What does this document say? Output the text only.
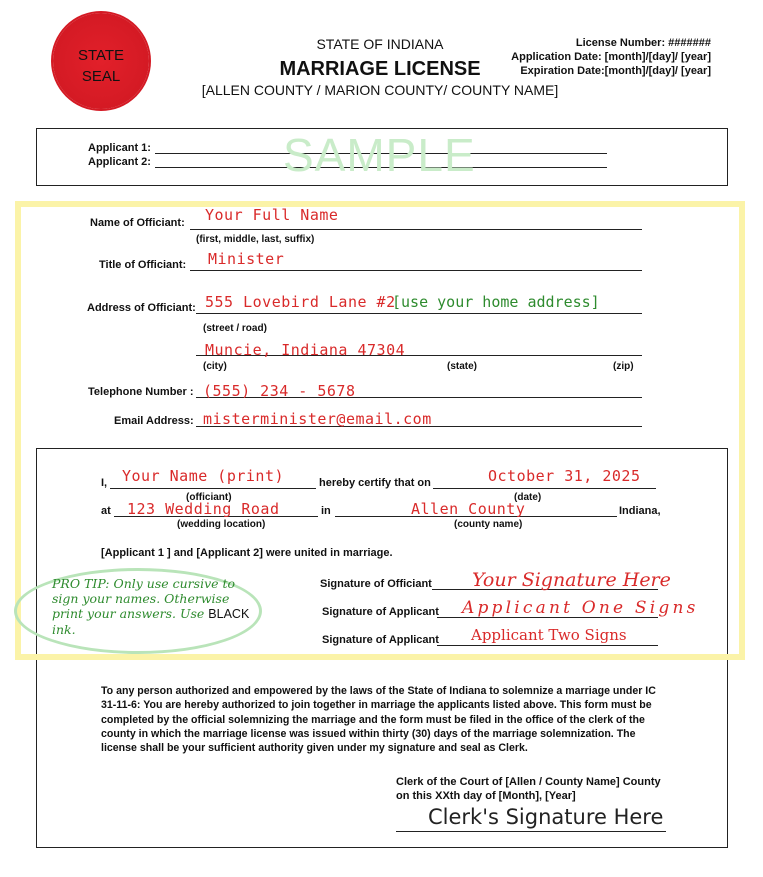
STATE
SEAL
STATE OF INDIANA
MARRIAGE LICENSE
[ALLEN COUNTY / MARION COUNTY/ COUNTY NAME]
License Number: #######
Application Date: [month]/[day]/ [year]
Expiration Date:[month]/[day]/ [year]
Applicant 1:
Applicant 2:	SAMPLE
Name of Officiant: Your Full Name
(first, middle, last, suffix)
Title of Officiant: Minister
Address of Officiant: 555 Lovebird Lane #2
[use your home address]
(street / road)
Muncie, Indiana 47304
(city)	(state)	(zip)
Telephone Number : (555) 234 - 5678
Email Address: misterminister@email.com
I, Your Name (print)	hereby certify that on	October 31, 2025
(officiant)	(date)
at 123 Wedding Road	in	Allen County	Indiana,
(wedding location)	(county name)
[Applicant 1 ] and [Applicant 2] were united in marriage.
Signature of Officiant Your Signature Here
Signature of Applicant Applicant One Signs
Signature of Applicant Applicant Two Signs
PRO TIP: Only use cursive to sign your names. Otherwise print your answers. Use BLACK ink.
To any person authorized and empowered by the laws of the State of Indiana to solemnize a marriage under IC 31-11-6: You are hereby authorized to join together in marriage the applicants listed above. This form must be completed by the official solemnizing the marriage and the form must be filed in the office of the clerk of the county in which the marriage license was issued within thirty (30) days of the marriage solemnization. The license shall be your sufficient authority given under my signature and seal as Clerk.
Clerk of the Court of [Allen / County Name] County
on this XXth day of [Month], [Year]
Clerk's Signature Here
